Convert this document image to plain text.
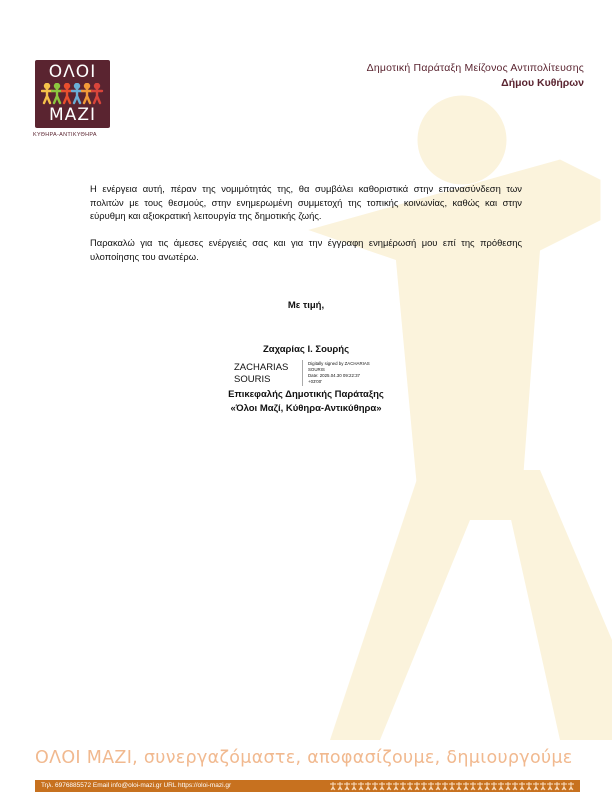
ΟΛΟΙ
ΜΑΖΙ
ΚΥΘΗΡΑ-ΑΝΤΙΚΥΘΗΡΑ
Δημοτική Παράταξη Μείζονος Αντιπολίτευσης
Δήμου Κυθήρων

Η ενέργεια αυτή, πέραν της νομιμότητάς της, θα συμβάλει καθοριστικά στην επανασύνδεση των πολιτών με τους θεσμούς, στην ενημερωμένη συμμετοχή της τοπικής κοινωνίας, καθώς και στην εύρυθμη και αξιοκρατική λειτουργία της δημοτικής ζωής.

Παρακαλώ για τις άμεσες ενέργειές σας και για την έγγραφη ενημέρωσή μου επί της πρόθεσης υλοποίησης του ανωτέρω.

Με τιμή,
Ζαχαρίας Ι. Σουρής
ZACHARIAS
SOURIS
Digitally signed by ZACHARIAS
SOURIS
Date: 2025.04.30 09:22:37
+03'00'
Επικεφαλής Δημοτικής Παράταξης
«Όλοι Μαζί, Κύθηρα-Αντικύθηρα»
ΟΛΟΙ ΜΑΖΙ, συνεργαζόμαστε, αποφασίζουμε, δημιουργούμε
Τηλ. 6976885572 Email info@oloi-mazi.gr URL https://oloi-mazi.gr
